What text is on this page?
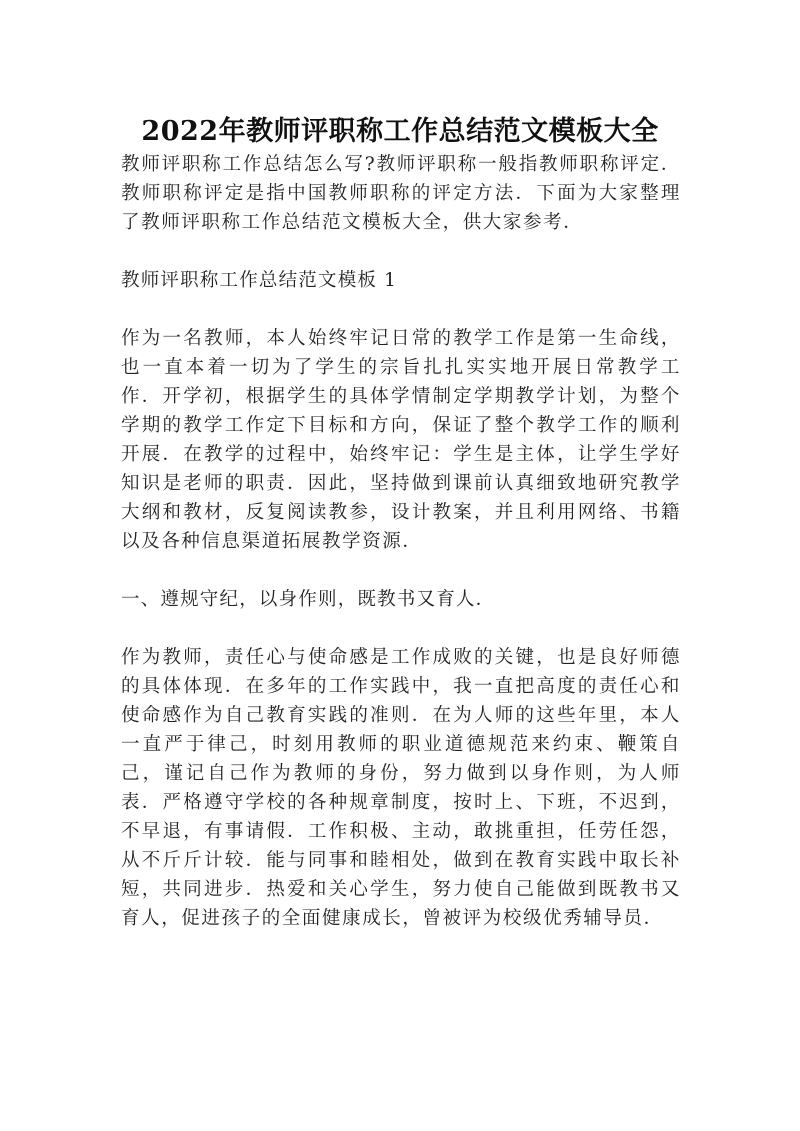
2022年教师评职称工作总结范文模板大全

教师评职称工作总结怎么写?教师评职称一般指教师职称评定．教师职称评定是指中国教师职称的评定方法．下面为大家整理了教师评职称工作总结范文模板大全，供大家参考．

教师评职称工作总结范文模板 1

作为一名教师，本人始终牢记日常的教学工作是第一生命线，也一直本着一切为了学生的宗旨扎扎实实地开展日常教学工作．开学初，根据学生的具体学情制定学期教学计划，为整个学期的教学工作定下目标和方向，保证了整个教学工作的顺利开展．在教学的过程中，始终牢记：学生是主体，让学生学好知识是老师的职责．因此，坚持做到课前认真细致地研究教学大纲和教材，反复阅读教参，设计教案，并且利用网络、书籍以及各种信息渠道拓展教学资源．

一、遵规守纪，以身作则，既教书又育人．

作为教师，责任心与使命感是工作成败的关键，也是良好师德的具体体现．在多年的工作实践中，我一直把高度的责任心和使命感作为自己教育实践的准则．在为人师的这些年里，本人一直严于律己，时刻用教师的职业道德规范来约束、鞭策自己，谨记自己作为教师的身份，努力做到以身作则，为人师表．严格遵守学校的各种规章制度，按时上、下班，不迟到，不早退，有事请假．工作积极、主动，敢挑重担，任劳任怨，从不斤斤计较．能与同事和睦相处，做到在教育实践中取长补短，共同进步．热爱和关心学生，努力使自己能做到既教书又育人，促进孩子的全面健康成长，曾被评为校级优秀辅导员．
